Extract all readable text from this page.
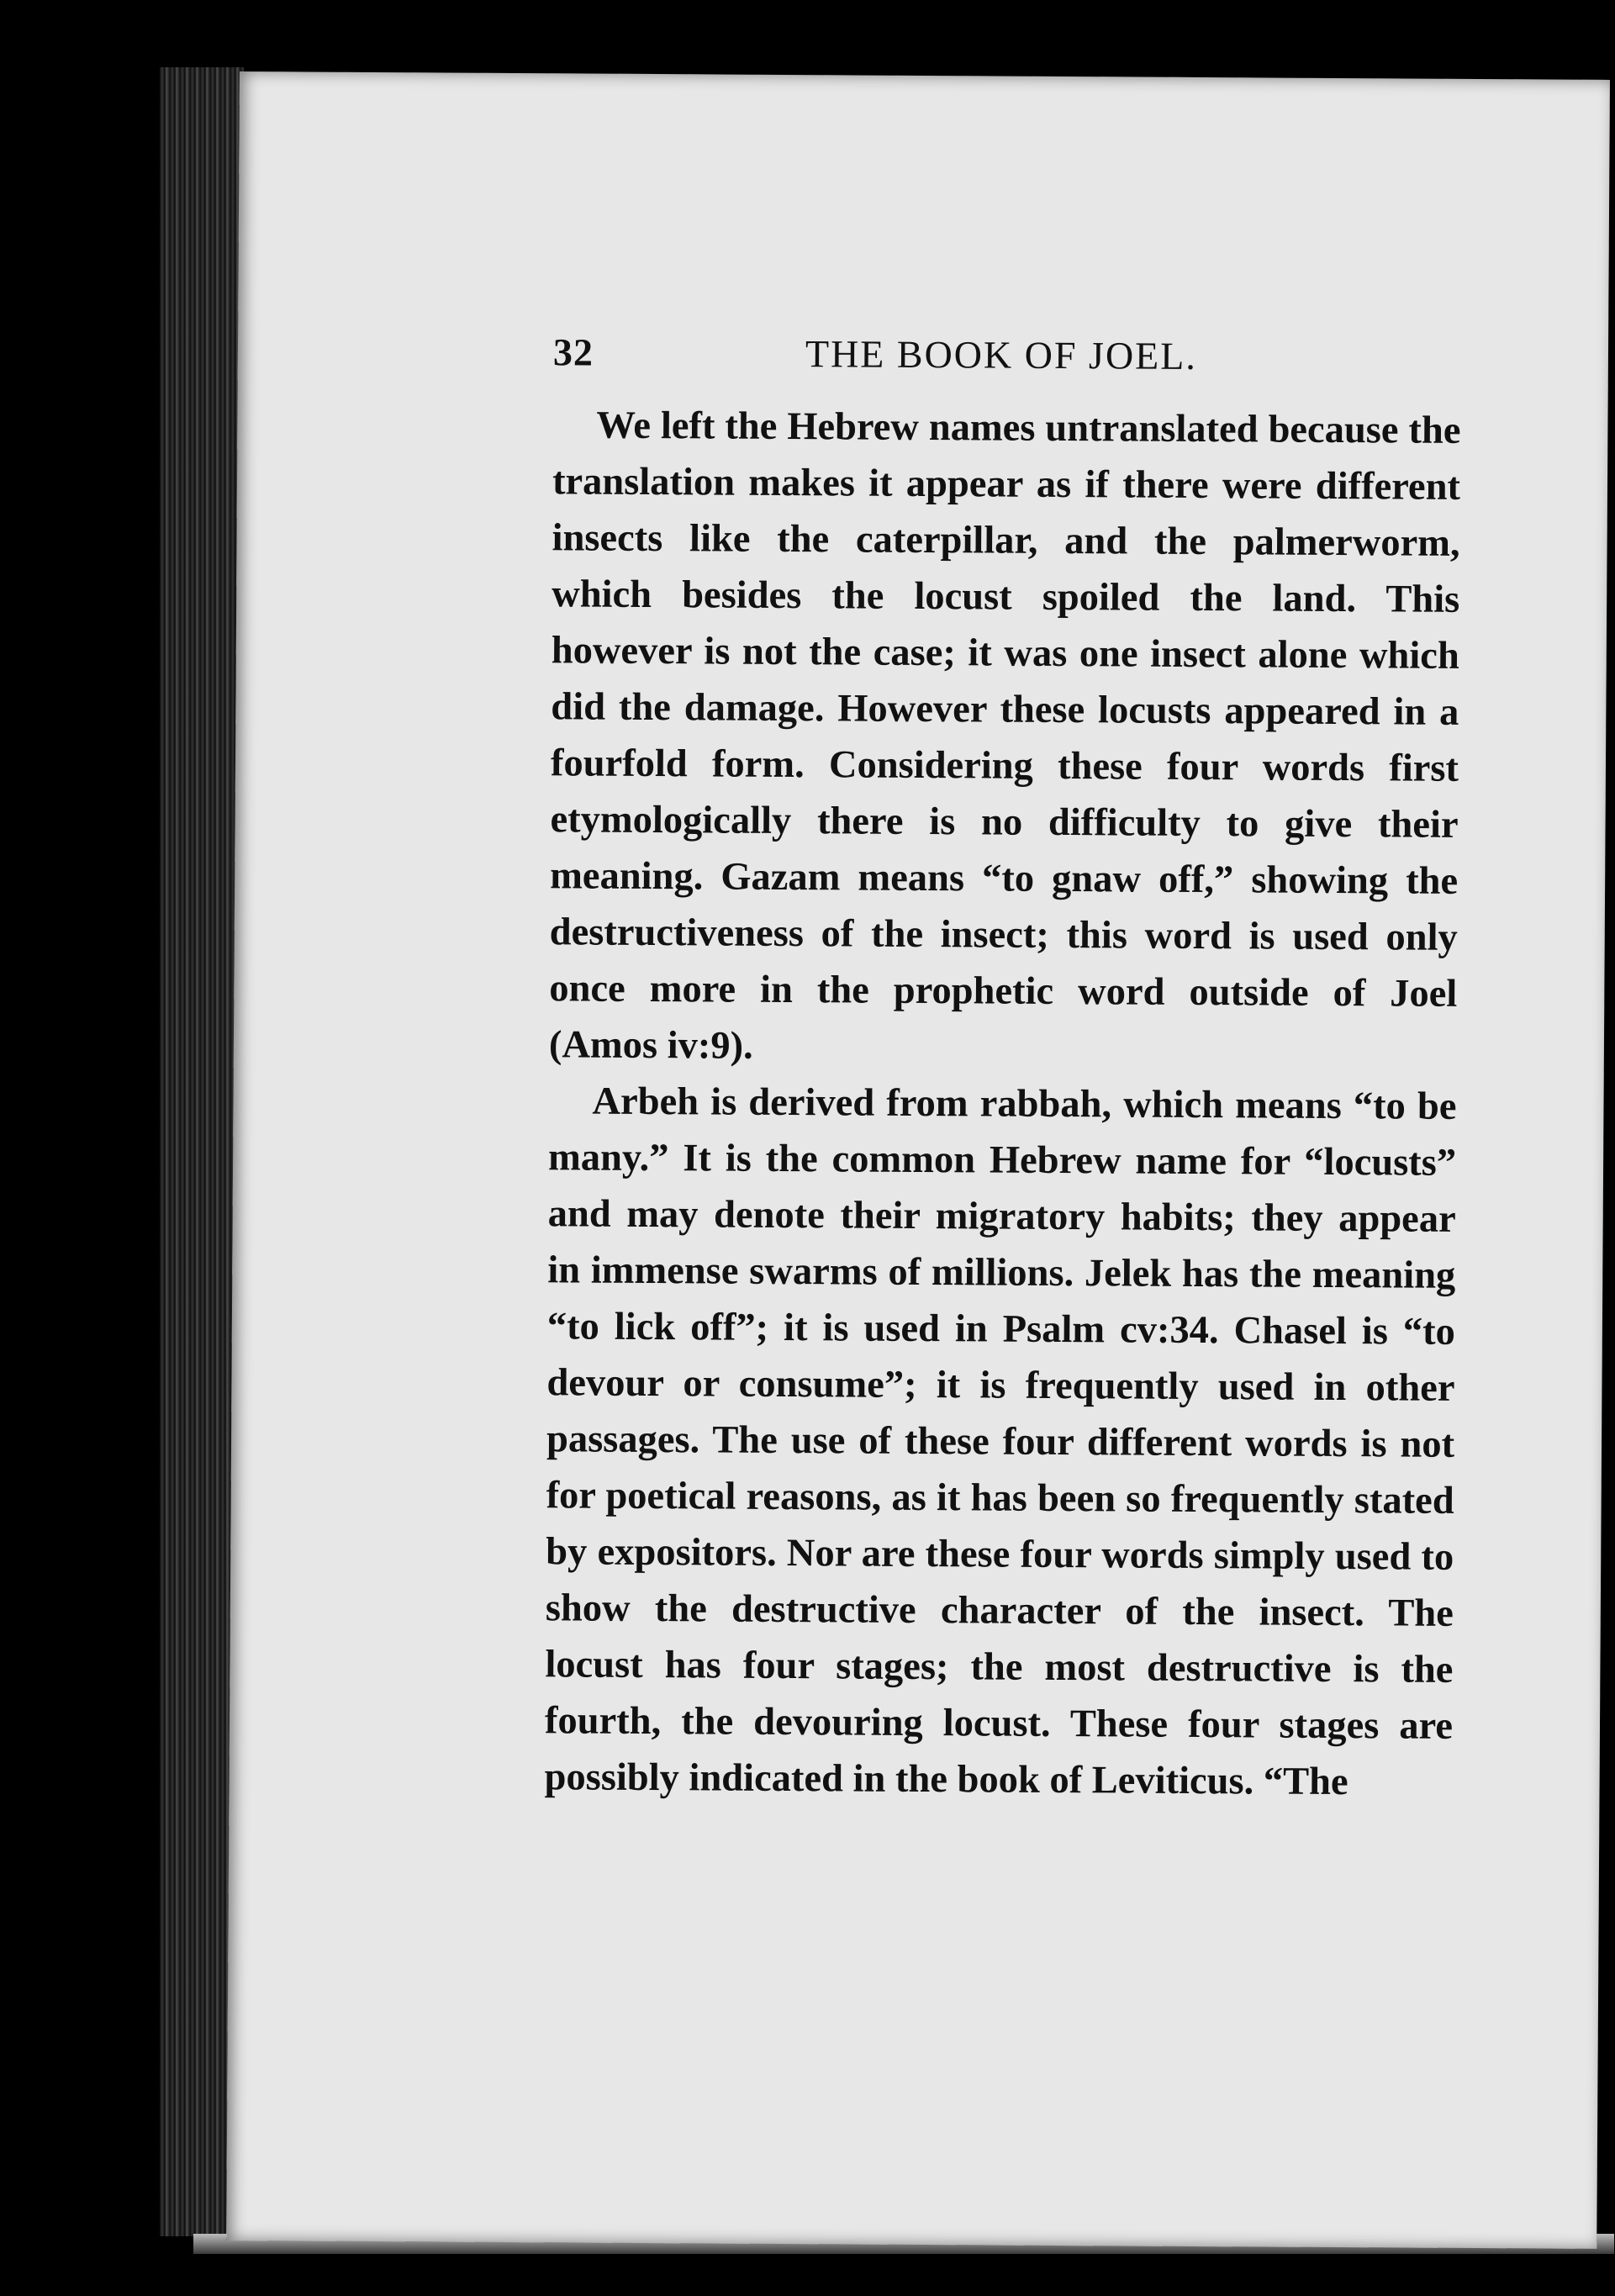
32	THE BOOK OF JOEL.

We left the Hebrew names untranslated because the translation makes it appear as if there were different insects like the caterpillar, and the palmerworm, which besides the locust spoiled the land. This however is not the case; it was one insect alone which did the damage. However these locusts appeared in a fourfold form. Considering these four words first etymologically there is no difficulty to give their meaning. Gazam means “to gnaw off,” showing the destructiveness of the insect; this word is used only once more in the prophetic word outside of Joel (Amos iv:9).

Arbeh is derived from rabbah, which means “to be many.” It is the common Hebrew name for “locusts” and may denote their migratory habits; they appear in immense swarms of millions. Jelek has the meaning “to lick off”; it is used in Psalm cv:34. Chasel is “to devour or consume”; it is frequently used in other passages. The use of these four different words is not for poetical reasons, as it has been so frequently stated by expositors. Nor are these four words simply used to show the destructive character of the insect. The locust has four stages; the most destructive is the fourth, the devouring locust. These four stages are possibly indicated in the book of Leviticus. “The
